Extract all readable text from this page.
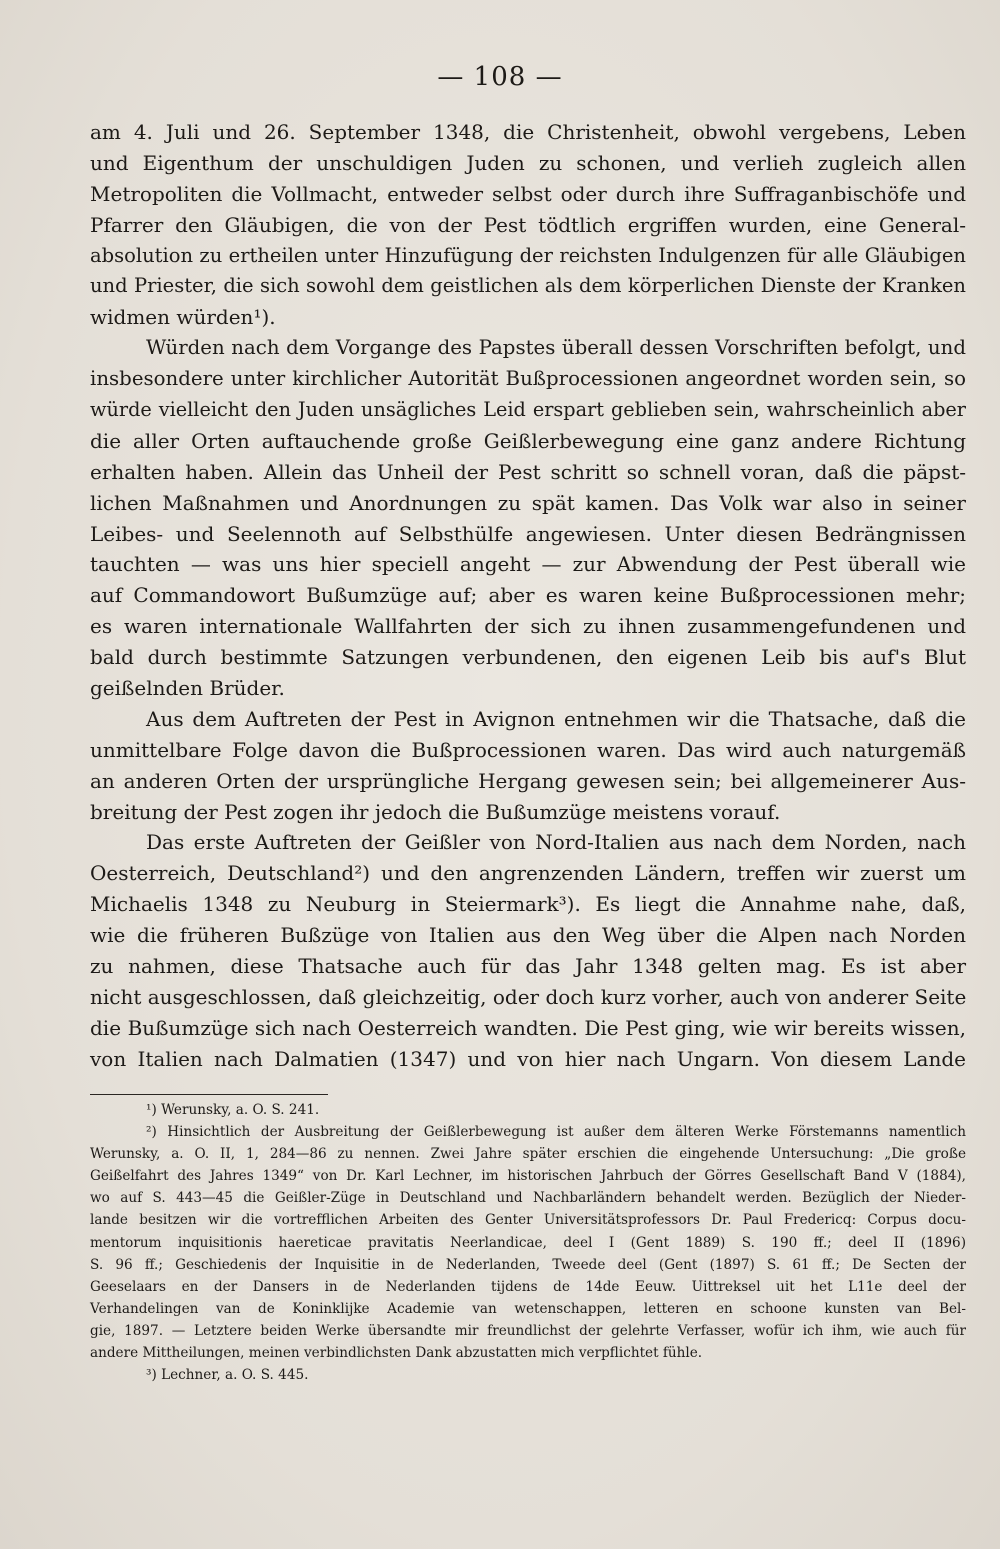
— 108 —
am 4. Juli und 26. September 1348, die Christenheit, obwohl vergebens, Leben
und Eigenthum der unschuldigen Juden zu schonen, und verlieh zugleich allen
Metropoliten die Vollmacht, entweder selbst oder durch ihre Suffraganbischöfe und
Pfarrer den Gläubigen, die von der Pest tödtlich ergriffen wurden, eine General-
absolution zu ertheilen unter Hinzufügung der reichsten Indulgenzen für alle Gläubigen
und Priester, die sich sowohl dem geistlichen als dem körperlichen Dienste der Kranken
widmen würden¹).
Würden nach dem Vorgange des Papstes überall dessen Vorschriften befolgt, und
insbesondere unter kirchlicher Autorität Bußprocessionen angeordnet worden sein, so
würde vielleicht den Juden unsägliches Leid erspart geblieben sein, wahrscheinlich aber
die aller Orten auftauchende große Geißlerbewegung eine ganz andere Richtung
erhalten haben. Allein das Unheil der Pest schritt so schnell voran, daß die päpst-
lichen Maßnahmen und Anordnungen zu spät kamen. Das Volk war also in seiner
Leibes- und Seelennoth auf Selbsthülfe angewiesen. Unter diesen Bedrängnissen
tauchten — was uns hier speciell angeht — zur Abwendung der Pest überall wie
auf Commandowort Bußumzüge auf; aber es waren keine Bußprocessionen mehr;
es waren internationale Wallfahrten der sich zu ihnen zusammengefundenen und
bald durch bestimmte Satzungen verbundenen, den eigenen Leib bis auf's Blut
geißelnden Brüder.
Aus dem Auftreten der Pest in Avignon entnehmen wir die Thatsache, daß die
unmittelbare Folge davon die Bußprocessionen waren. Das wird auch naturgemäß
an anderen Orten der ursprüngliche Hergang gewesen sein; bei allgemeinerer Aus-
breitung der Pest zogen ihr jedoch die Bußumzüge meistens vorauf.
Das erste Auftreten der Geißler von Nord-Italien aus nach dem Norden, nach
Oesterreich, Deutschland²) und den angrenzenden Ländern, treffen wir zuerst um
Michaelis 1348 zu Neuburg in Steiermark³). Es liegt die Annahme nahe, daß,
wie die früheren Bußzüge von Italien aus den Weg über die Alpen nach Norden
zu nahmen, diese Thatsache auch für das Jahr 1348 gelten mag. Es ist aber
nicht ausgeschlossen, daß gleichzeitig, oder doch kurz vorher, auch von anderer Seite
die Bußumzüge sich nach Oesterreich wandten. Die Pest ging, wie wir bereits wissen,
von Italien nach Dalmatien (1347) und von hier nach Ungarn. Von diesem Lande
¹) Werunsky, a. O. S. 241.
²) Hinsichtlich der Ausbreitung der Geißlerbewegung ist außer dem älteren Werke Förstemanns namentlich
Werunsky, a. O. II, 1, 284—86 zu nennen. Zwei Jahre später erschien die eingehende Untersuchung: „Die große
Geißelfahrt des Jahres 1349“ von Dr. Karl Lechner, im historischen Jahrbuch der Görres Gesellschaft Band V (1884),
wo auf S. 443—45 die Geißler-Züge in Deutschland und Nachbarländern behandelt werden. Bezüglich der Nieder-
lande besitzen wir die vortrefflichen Arbeiten des Genter Universitätsprofessors Dr. Paul Fredericq: Corpus docu-
mentorum inquisitionis haereticae pravitatis Neerlandicae, deel I (Gent 1889) S. 190 ff.; deel II (1896)
S. 96 ff.; Geschiedenis der Inquisitie in de Nederlanden, Tweede deel (Gent (1897) S. 61 ff.; De Secten der
Geeselaars en der Dansers in de Nederlanden tijdens de 14de Eeuw. Uittreksel uit het L11e deel der
Verhandelingen van de Koninklijke Academie van wetenschappen, letteren en schoone kunsten van Bel-
gie, 1897. — Letztere beiden Werke übersandte mir freundlichst der gelehrte Verfasser, wofür ich ihm, wie auch für
andere Mittheilungen, meinen verbindlichsten Dank abzustatten mich verpflichtet fühle.
³) Lechner, a. O. S. 445.
